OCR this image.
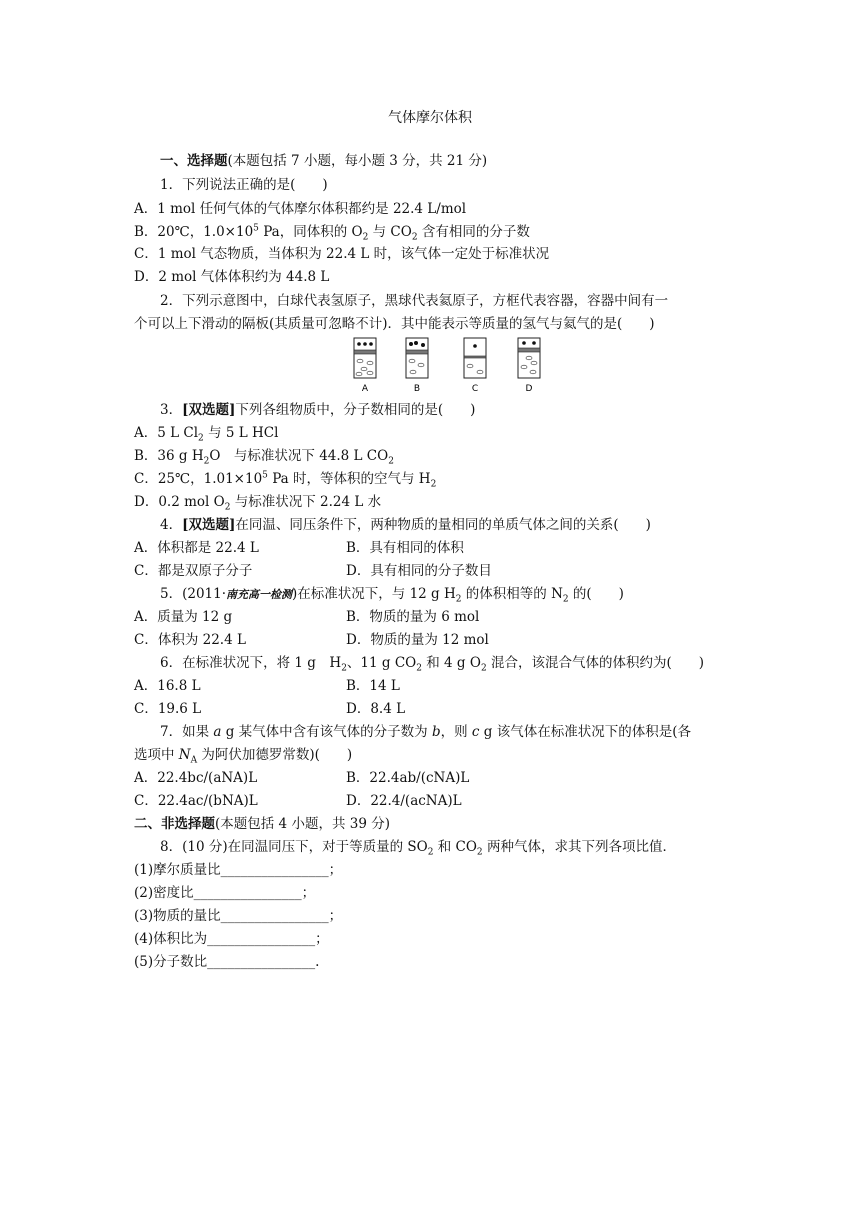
气体摩尔体积
一、选择题(本题包括 7 小题，每小题 3 分，共 21 分)
1．下列说法正确的是(　　)
A．1 mol 任何气体的气体摩尔体积都约是 22.4 L/mol
B．20℃，$1.0\times 10^5$ Pa，同体积的 $O_2$ 与 $CO_2$ 含有相同的分子数
C．1 mol 气态物质，当体积为 22.4 L 时，该气体一定处于标准状况
D．2 mol 气体体积约为 44.8 L
2．下列示意图中，白球代表氢原子，黑球代表氦原子，方框代表容器，容器中间有一
个可以上下滑动的隔板(其质量可忽略不计)．其中能表示等质量的氢气与氦气的是(　　)
A	B	C	D
3．[双选题]下列各组物质中，分子数相同的是(　　)
A．5 L $Cl_2$ 与 5 L HCl
B．36 g $H_2O$　与标准状况下 44.8 L $CO_2$
C．25℃，$1.01\times 10^5$ Pa 时，等体积的空气与 $H_2$
D．0.2 mol $O_2$ 与标准状况下 2.24 L 水
4．[双选题]在同温、同压条件下，两种物质的量相同的单质气体之间的关系(　　)
A．体积都是 22.4 L	B．具有相同的体积
C．都是双原子分子	D．具有相同的分子数目
5．(2011·南充高一检测)在标准状况下，与 12 g $H_2$ 的体积相等的 $N_2$ 的(　　)
A．质量为 12 g	B．物质的量为 6 mol
C．体积为 22.4 L	D．物质的量为 12 mol
6．在标准状况下，将 1 g　$H_2$、11 g $CO_2$ 和 4 g $O_2$ 混合，该混合气体的体积约为(　　)
A．16.8 L	B．14 L
C．19.6 L	D．8.4 L
7．如果 a g 某气体中含有该气体的分子数为 b，则 c g 该气体在标准状况下的体积是(各
选项中 $N_A$ 为阿伏加德罗常数)(　　)
A．22.4bc/(aNA)L	B．22.4ab/(cNA)L
C．22.4ac/(bNA)L	D．22.4/(acNA)L
二、非选择题(本题包括 4 小题，共 39 分)
8．(10 分)在同温同压下，对于等质量的 $SO_2$ 和 $CO_2$ 两种气体，求其下列各项比值．
(1)摩尔质量比________________；
(2)密度比________________；
(3)物质的量比________________；
(4)体积比为________________；
(5)分子数比________________.
